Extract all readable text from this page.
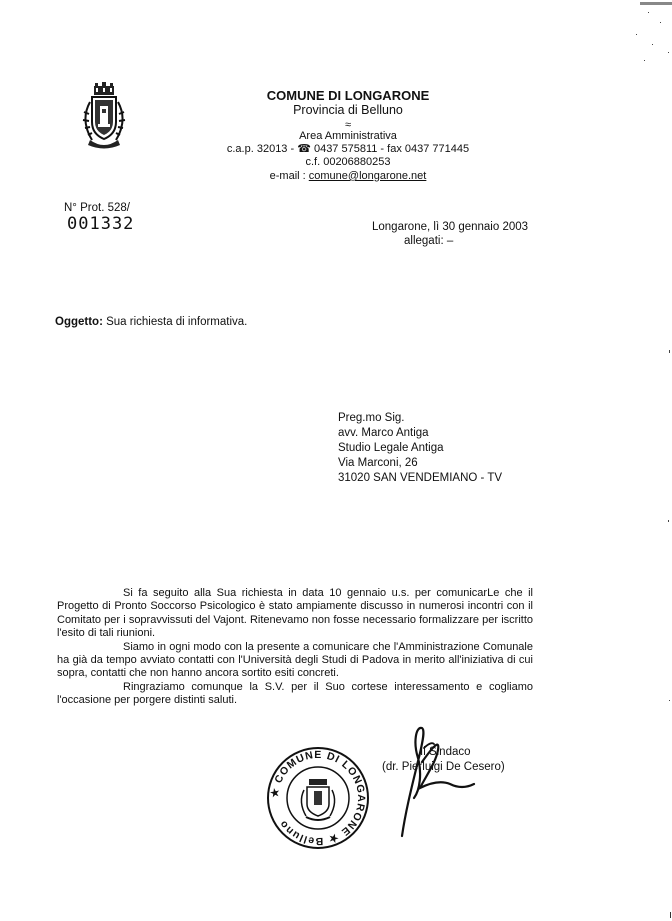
COMUNE DI LONGARONE
Provincia di Belluno
≈
Area Amministrativa
c.a.p. 32013 - ☎ 0437 575811 - fax 0437 771445
c.f. 00206880253
e-mail : comune@longarone.net
N° Prot. 528/
001332	Longarone, lì 30 gennaio 2003
allegati: –
Oggetto: Sua richiesta di informativa.
Preg.mo Sig.
avv. Marco Antiga
Studio Legale Antiga
Via Marconi, 26
31020 SAN VENDEMIANO - TV

Si fa seguito alla Sua richiesta in data 10 gennaio u.s. per comunicarLe che il Progetto di Pronto Soccorso Psicologico è stato ampiamente discusso in numerosi incontri con il Comitato per i sopravvissuti del Vajont. Ritenevamo non fosse necessario formalizzare per iscritto l'esito di tali riunioni.

Siamo in ogni modo con la presente a comunicare che l'Amministrazione Comunale ha già da tempo avviato contatti con l'Università degli Studi di Padova in merito all'iniziativa di cui sopra, contatti che non hanno ancora sortito esiti concreti.

Ringraziamo comunque la S.V. per il Suo cortese interessamento e cogliamo l'occasione per porgere distinti saluti.

★ COMUNE DI LONGARONE ★ Belluno
Il Sindaco
(dr. Pierluigi De Cesero)
